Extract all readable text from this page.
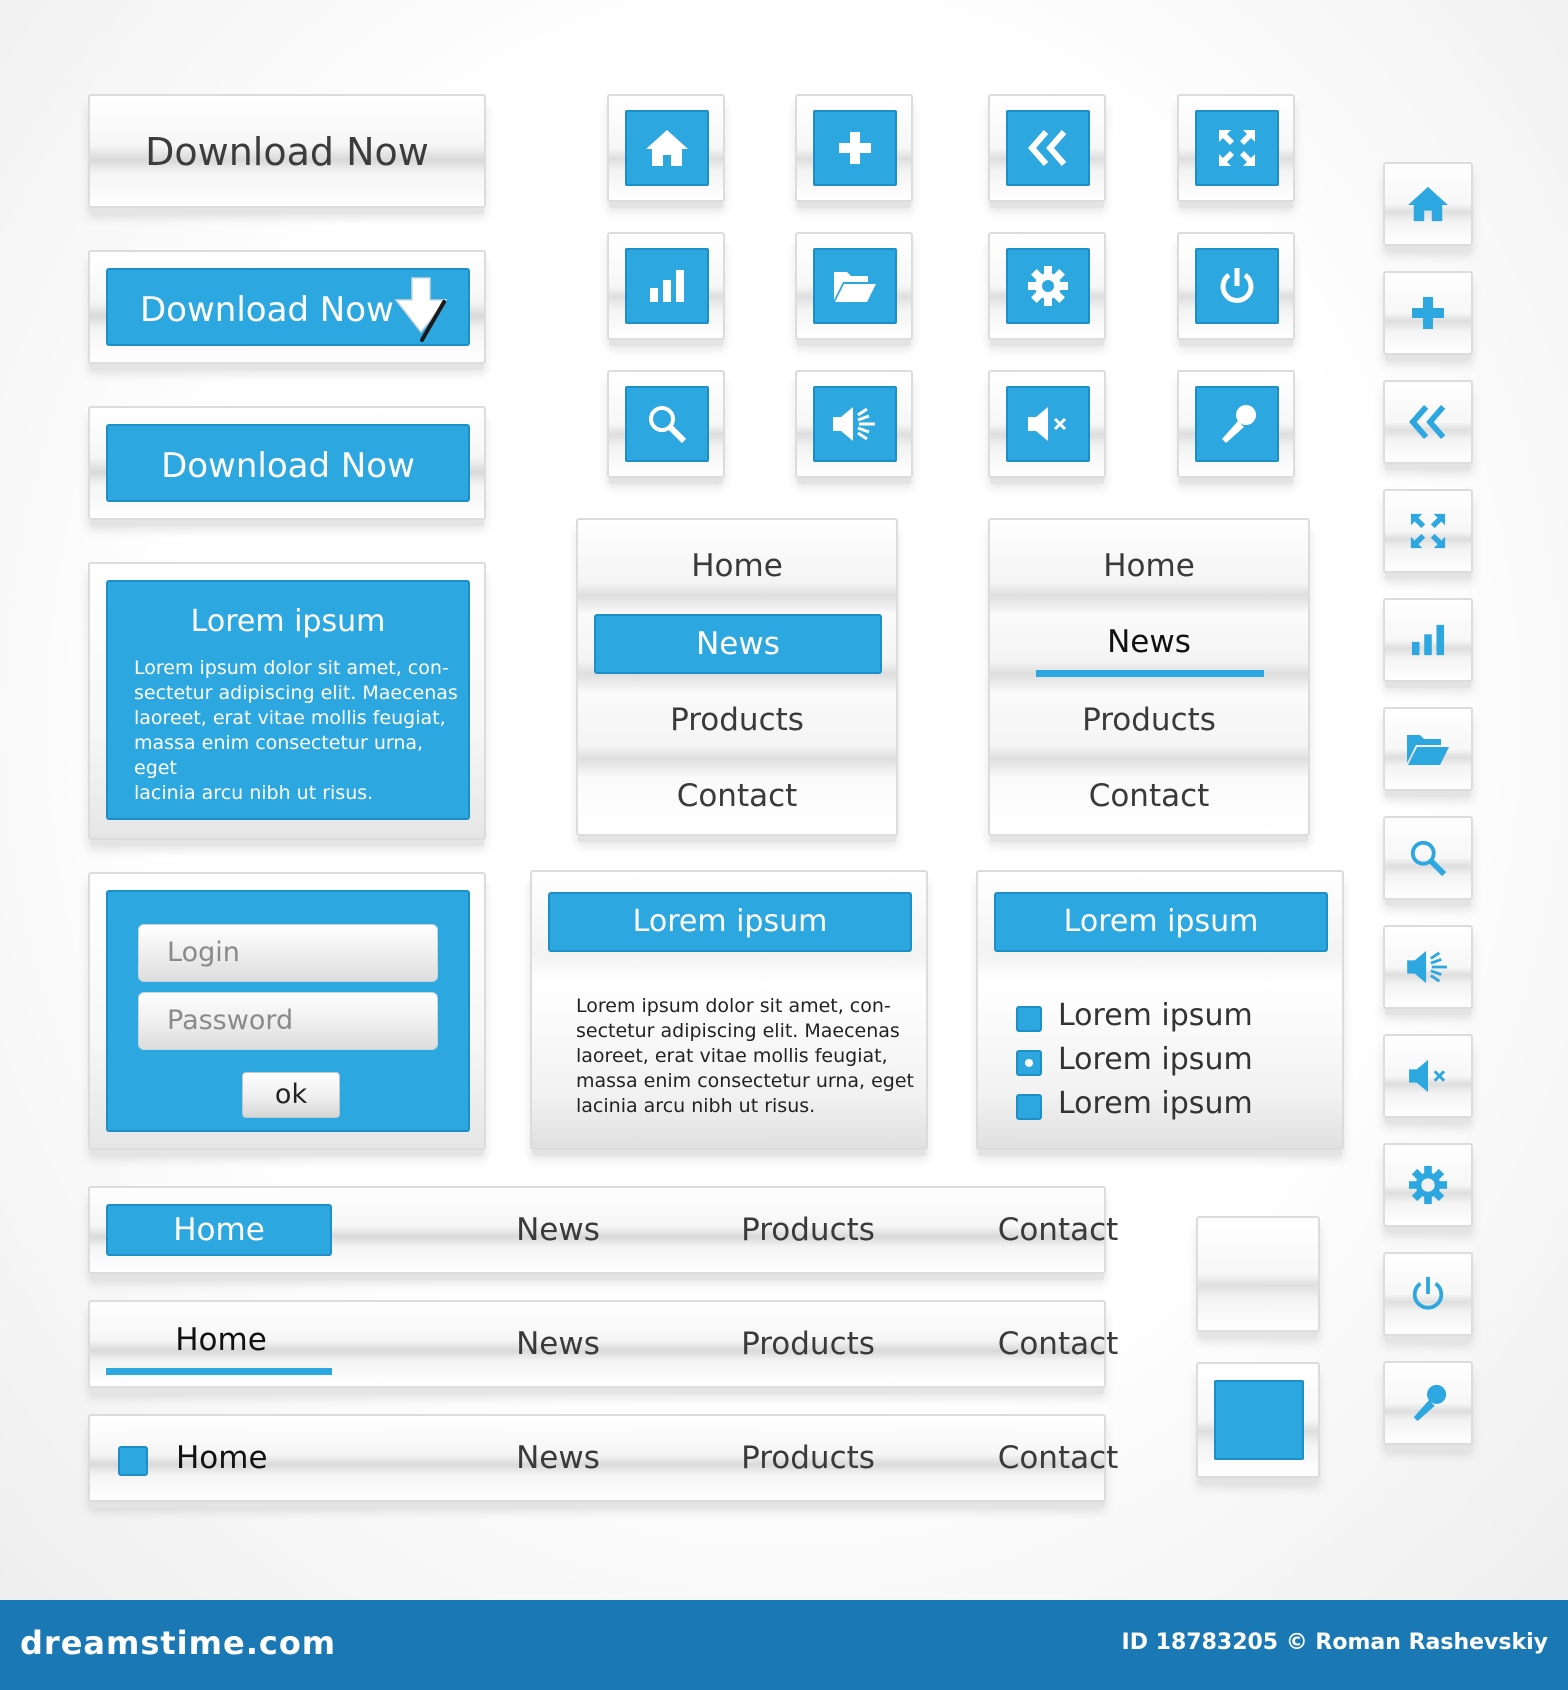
Download Now
Download Now
Download Now
Lorem ipsum
Lorem ipsum dolor sit amet, con-
sectetur adipiscing elit. Maecenas
laoreet, erat vitae mollis feugiat,
massa enim consectetur urna, eget
lacinia arcu nibh ut risus.
Login
Password
ok
Home
News
Products
Contact
Home
News
Products
Contact
Lorem ipsum
Lorem ipsum dolor sit amet, con-
sectetur adipiscing elit. Maecenas
laoreet, erat vitae mollis feugiat,
massa enim consectetur urna, eget
lacinia arcu nibh ut risus.
Lorem ipsum
Lorem ipsum
Lorem ipsum
Lorem ipsum
Home	News	Products	Contact
Home	News	Products	Contact
Home	News	Products	Contact
dreamstime.com	ID 18783205 © Roman Rashevskiy
